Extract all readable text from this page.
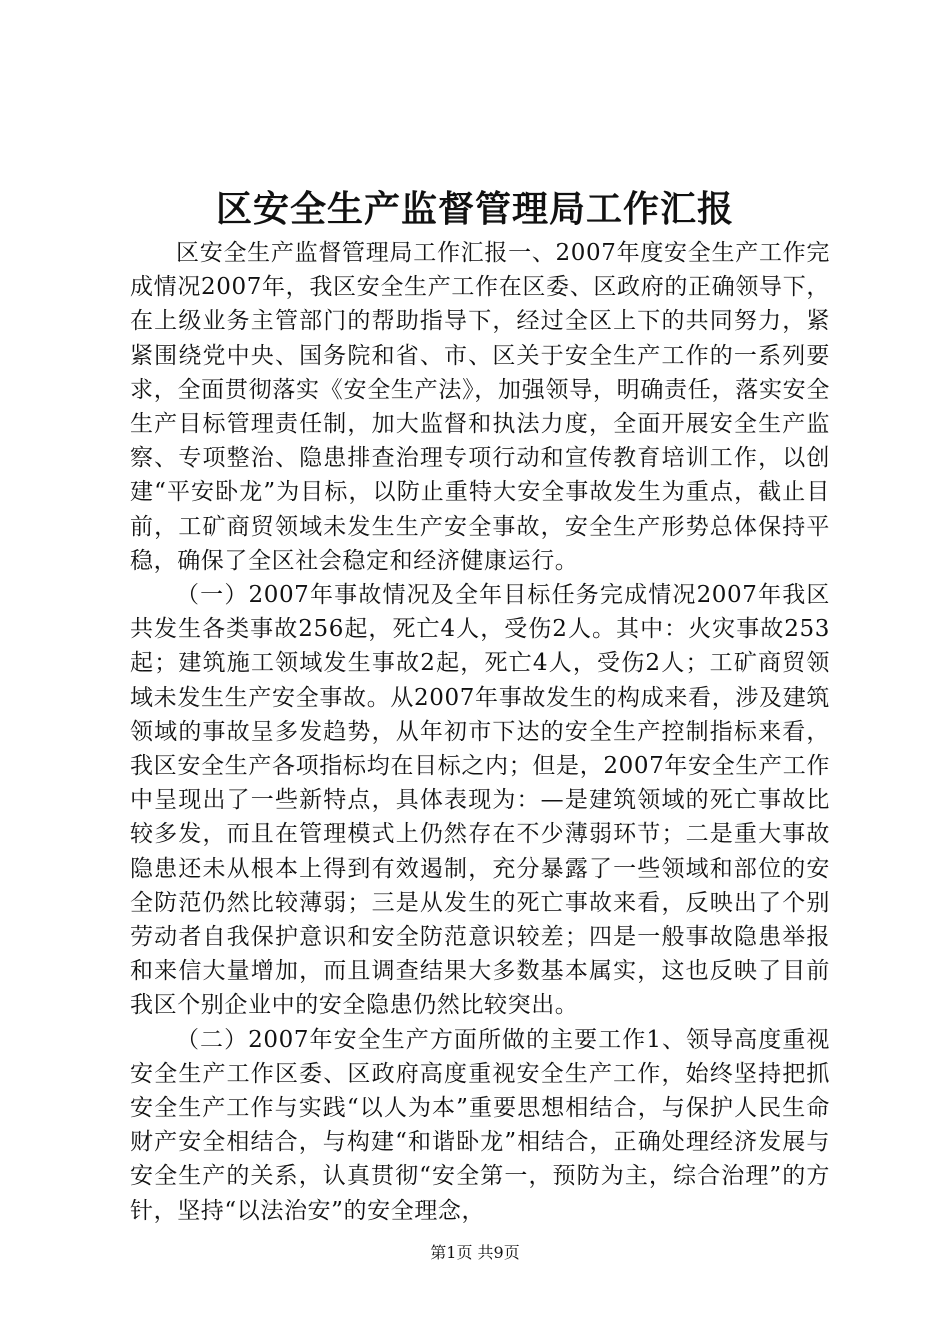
区安全生产监督管理局工作汇报

区安全生产监督管理局工作汇报一、2007年度安全生产工作完成情况2007年，我区安全生产工作在区委、区政府的正确领导下，在上级业务主管部门的帮助指导下，经过全区上下的共同努力，紧紧围绕党中央、国务院和省、市、区关于安全生产工作的一系列要求，全面贯彻落实《安全生产法》，加强领导，明确责任，落实安全生产目标管理责任制，加大监督和执法力度，全面开展安全生产监察、专项整治、隐患排查治理专项行动和宣传教育培训工作，以创建“平安卧龙”为目标，以防止重特大安全事故发生为重点，截止目前，工矿商贸领域未发生生产安全事故，安全生产形势总体保持平稳，确保了全区社会稳定和经济健康运行。

（一）2007年事故情况及全年目标任务完成情况2007年我区共发生各类事故256起，死亡4人，受伤2人。其中：火灾事故253起；建筑施工领域发生事故2起，死亡4人，受伤2人；工矿商贸领域未发生生产安全事故。从2007年事故发生的构成来看，涉及建筑领域的事故呈多发趋势，从年初市下达的安全生产控制指标来看，我区安全生产各项指标均在目标之内；但是，2007年安全生产工作中呈现出了一些新特点，具体表现为：—是建筑领域的死亡事故比较多发，而且在管理模式上仍然存在不少薄弱环节；二是重大事故隐患还未从根本上得到有效遏制，充分暴露了一些领域和部位的安全防范仍然比较薄弱；三是从发生的死亡事故来看，反映出了个别劳动者自我保护意识和安全防范意识较差；四是一般事故隐患举报和来信大量增加，而且调查结果大多数基本属实，这也反映了目前我区个别企业中的安全隐患仍然比较突出。

（二）2007年安全生产方面所做的主要工作1、领导高度重视安全生产工作区委、区政府高度重视安全生产工作，始终坚持把抓安全生产工作与实践“以人为本”重要思想相结合，与保护人民生命财产安全相结合，与构建“和谐卧龙”相结合，正确处理经济发展与安全生产的关系，认真贯彻“安全第一，预防为主，综合治理”的方针，坚持“以法治安”的安全理念，

第1页 共9页
